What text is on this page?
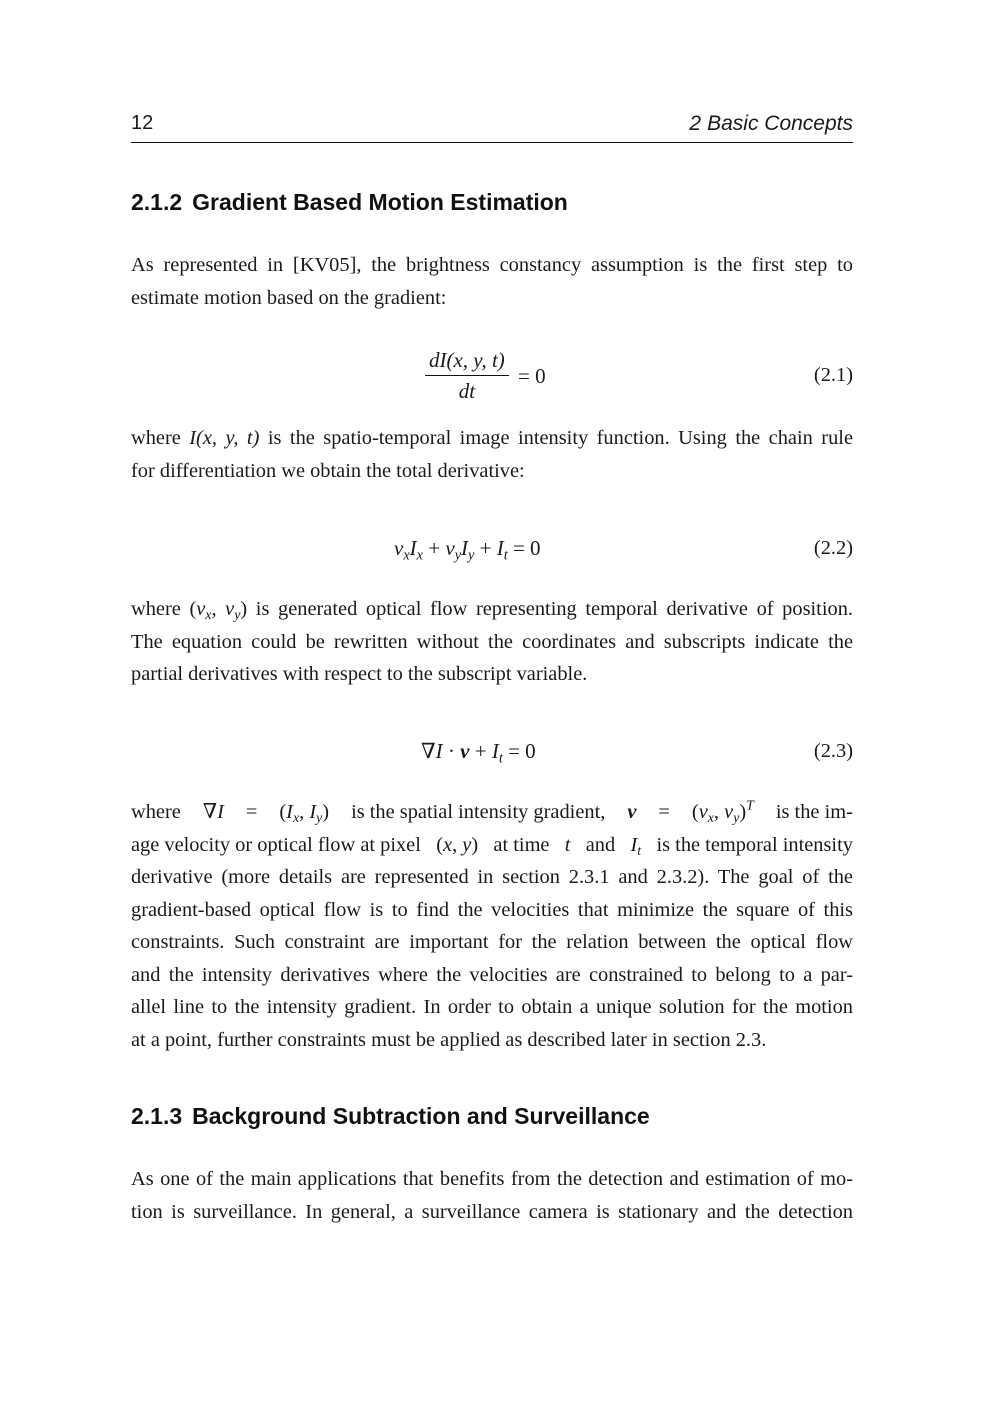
12	2 Basic Concepts
2.1.2 Gradient Based Motion Estimation
As represented in [KV05], the brightness constancy assumption is the first step to
estimate motion based on the gradient:
$\frac{dI(x, y, t)}{dt} = 0$	(2.1)
where I(x, y, t) is the spatio-temporal image intensity function. Using the chain rule
for differentiation we obtain the total derivative:
$v_xI_x + v_yI_y + I_t = 0$	(2.2)
where ($v_x$, $v_y$) is generated optical flow representing temporal derivative of position.
The equation could be rewritten without the coordinates and subscripts indicate the
partial derivatives with respect to the subscript variable.
$\nabla I \cdot v + I_t = 0$	(2.3)
where $\nabla I = (I_x$, $I_y$) is the spatial intensity gradient, $v = (v_x$, $v_y)^T$ is the im-
age velocity or optical flow at pixel (x, y) at time t and $I_t$ is the temporal intensity
derivative (more details are represented in section 2.3.1 and 2.3.2). The goal of the
gradient-based optical flow is to find the velocities that minimize the square of this
constraints. Such constraint are important for the relation between the optical flow
and the intensity derivatives where the velocities are constrained to belong to a par-
allel line to the intensity gradient. In order to obtain a unique solution for the motion
at a point, further constraints must be applied as described later in section 2.3.
2.1.3 Background Subtraction and Surveillance
As one of the main applications that benefits from the detection and estimation of mo-
tion is surveillance. In general, a surveillance camera is stationary and the detection
